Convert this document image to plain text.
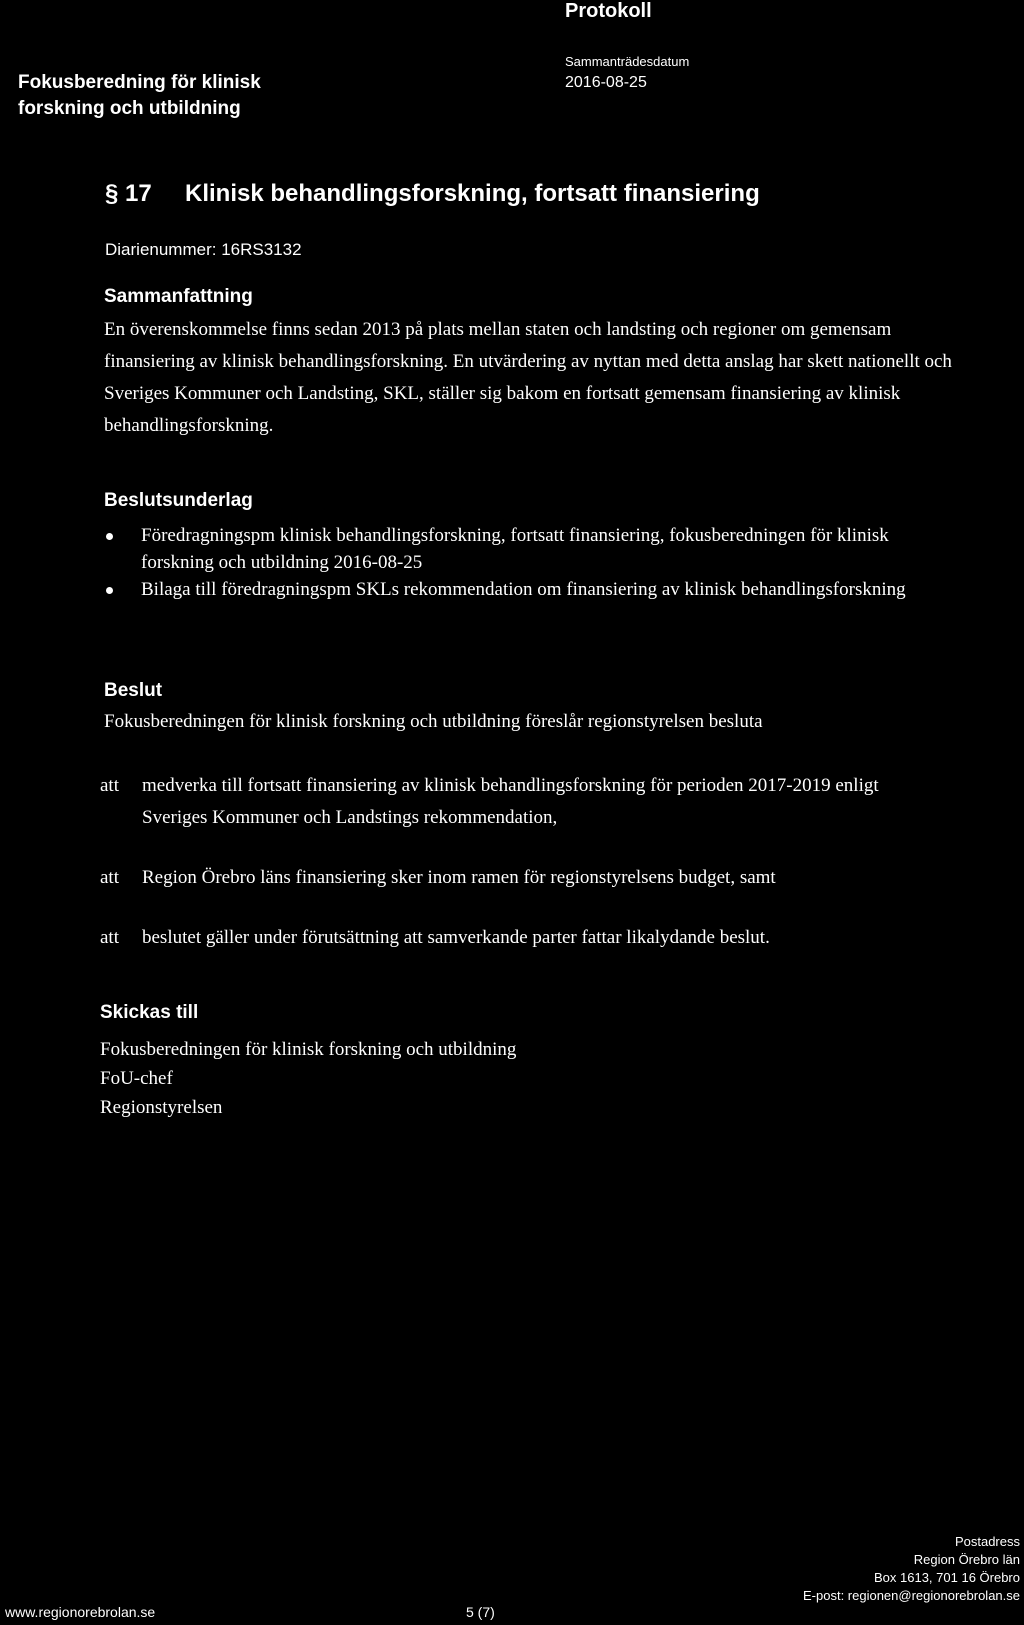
Protokoll
Fokusberedning för klinisk
forskning och utbildning
Sammanträdesdatum
2016-08-25
§ 17 Klinisk behandlingsforskning, fortsatt finansiering
Diarienummer: 16RS3132
Sammanfattning
En överenskommelse finns sedan 2013 på plats mellan staten och landsting och regioner om gemensam finansiering av klinisk behandlingsforskning. En utvärdering av nyttan med detta anslag har skett nationellt och Sveriges Kommuner och Landsting, SKL, ställer sig bakom en fortsatt gemensam finansiering av klinisk behandlingsforskning.
Beslutsunderlag
Föredragningspm klinisk behandlingsforskning, fortsatt finansiering, fokusberedningen för klinisk forskning och utbildning 2016-08-25
Bilaga till föredragningspm SKLs rekommendation om finansiering av klinisk behandlingsforskning
Beslut
Fokusberedningen för klinisk forskning och utbildning föreslår regionstyrelsen besluta
att medverka till fortsatt finansiering av klinisk behandlingsforskning för perioden 2017-2019 enligt Sveriges Kommuner och Landstings rekommendation,
att Region Örebro läns finansiering sker inom ramen för regionstyrelsens budget, samt
att beslutet gäller under förutsättning att samverkande parter fattar likalydande beslut.
Skickas till
Fokusberedningen för klinisk forskning och utbildning
FoU-chef
Regionstyrelsen
www.regionorebrolan.se	5 (7)
Postadress
Region Örebro län
Box 1613, 701 16 Örebro
E-post: regionen@regionorebrolan.se
